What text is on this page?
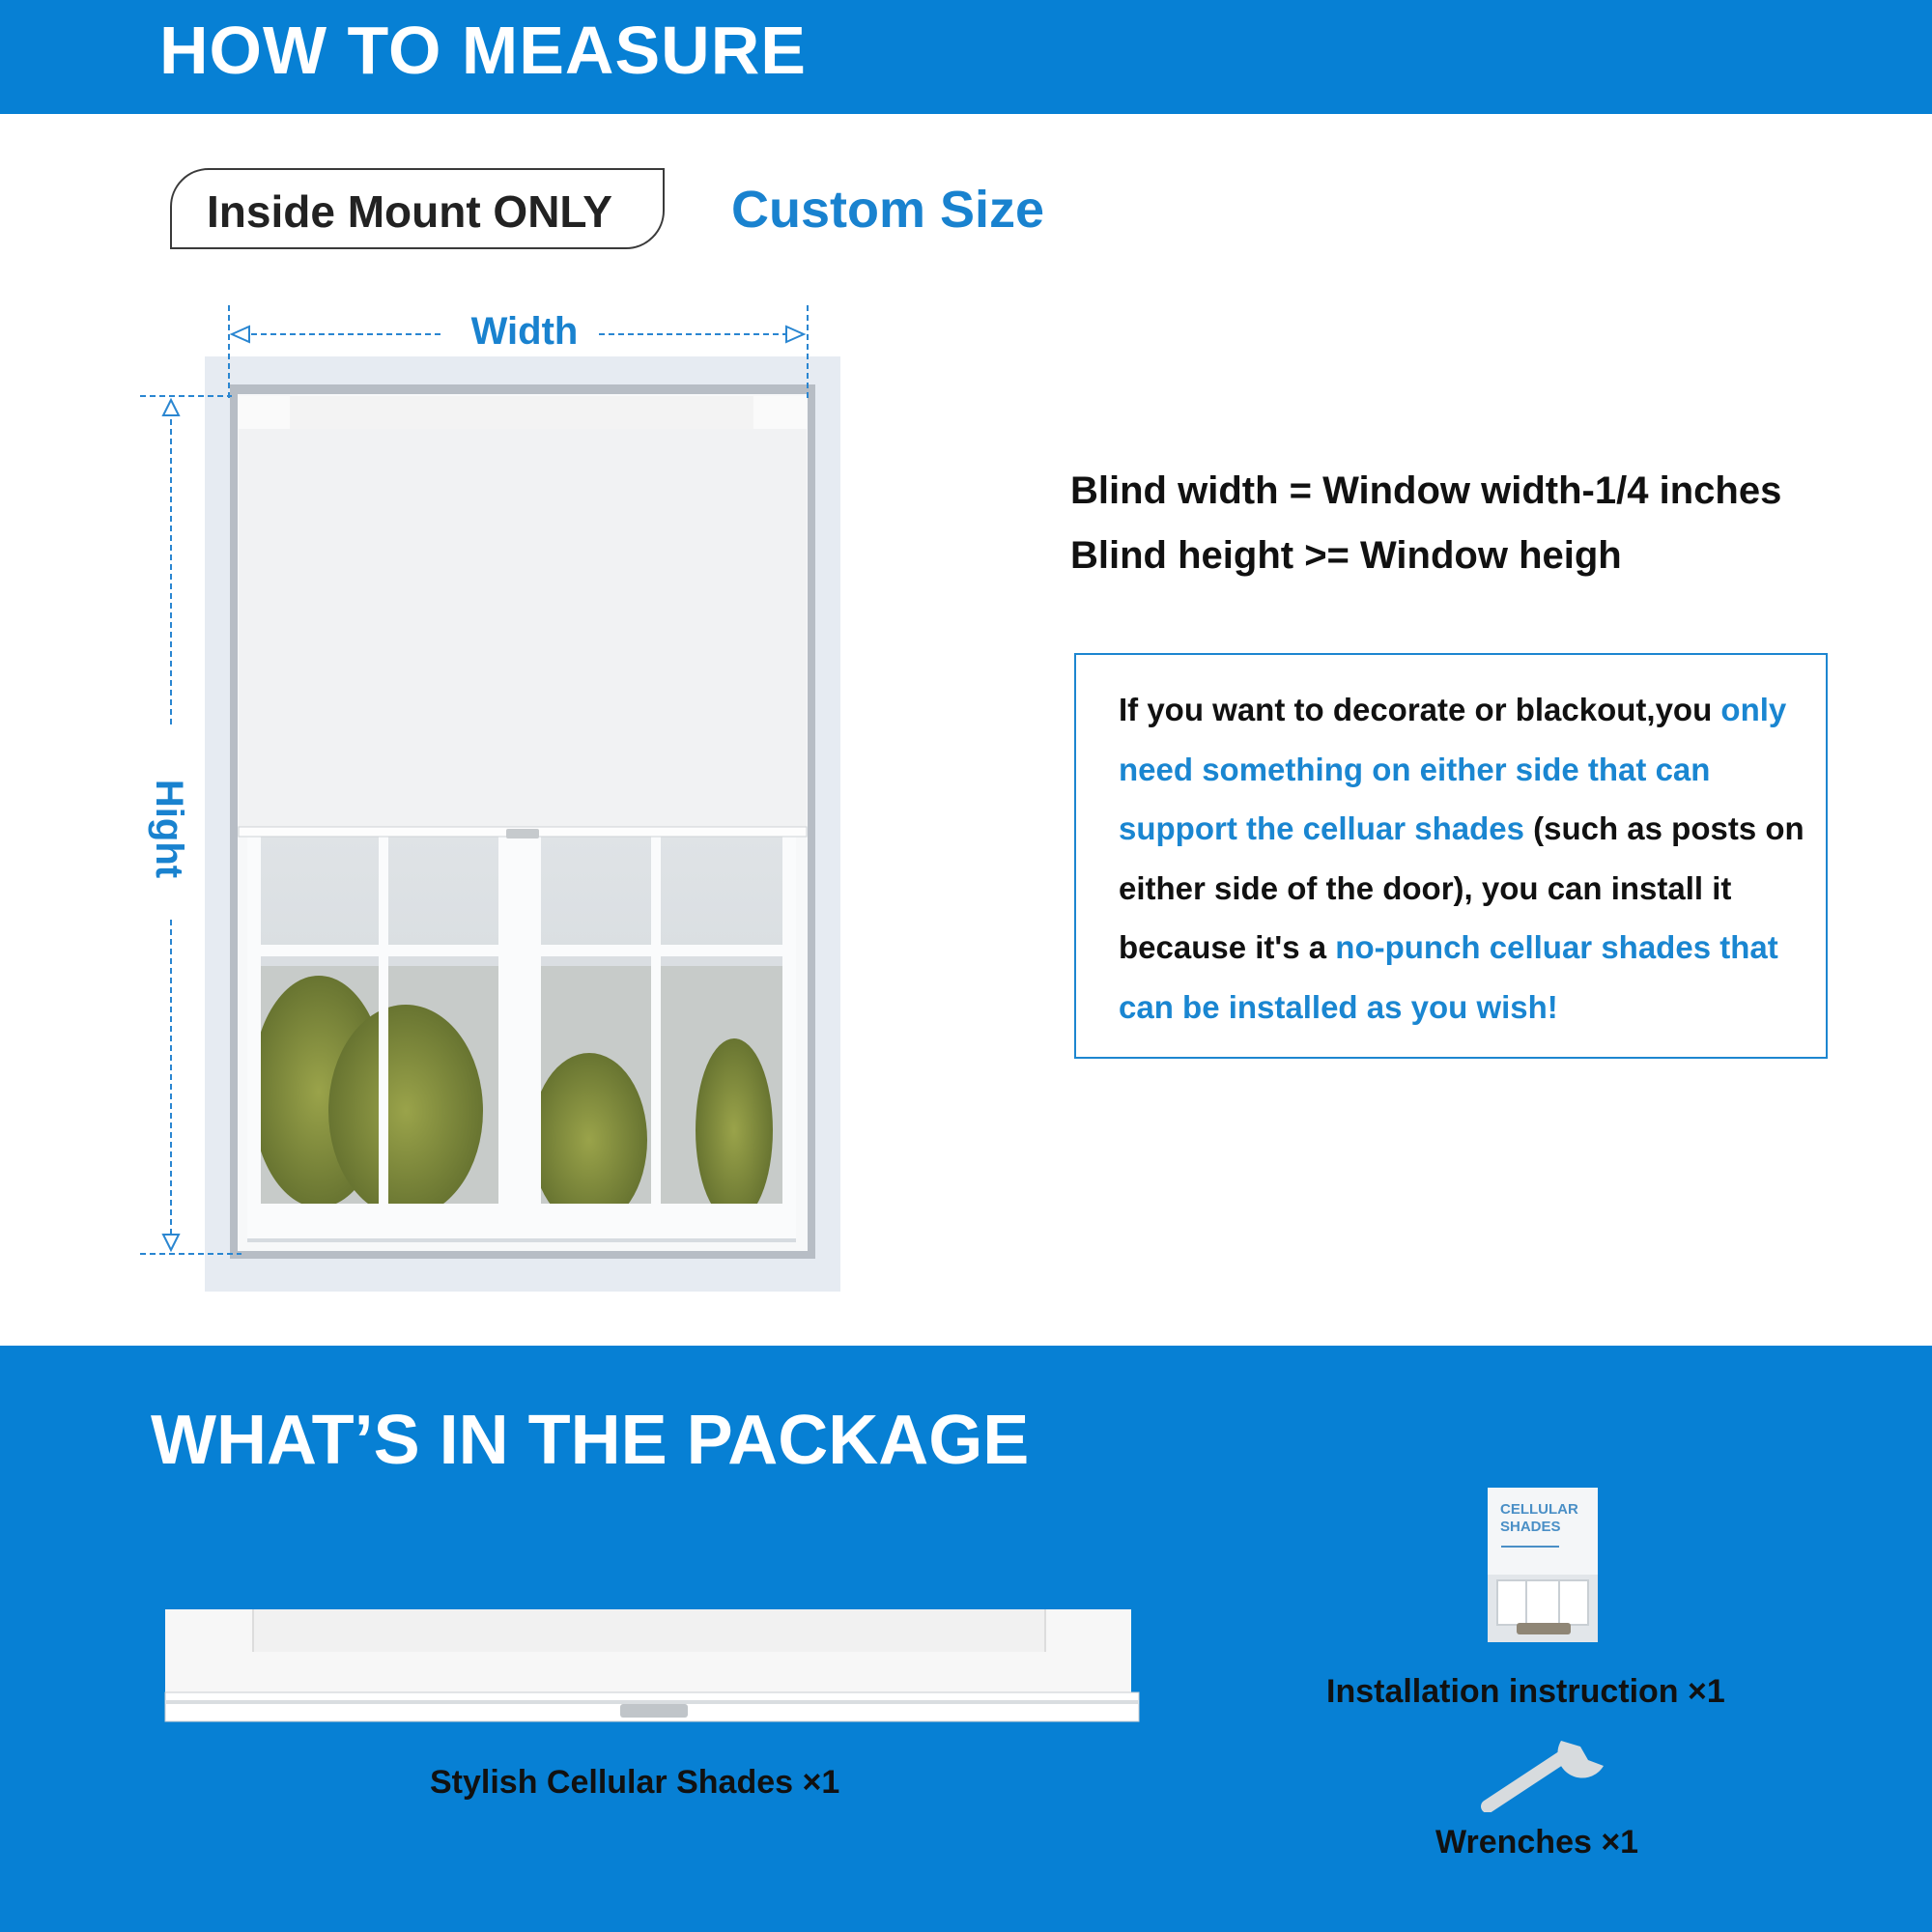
HOW TO MEASURE
Inside Mount ONLY Custom Size
Width
Hight
Blind width = Window width-1/4 inches
Blind height >= Window heigh
If you want to decorate or blackout,you only need something on either side that can support the celluar shades (such as posts on either side of the door), you can install it because it's a no-punch celluar shades that can be installed as you wish!
WHAT’S IN THE PACKAGE
Stylish Cellular Shades ×1
CELLULAR SHADES
Installation instruction ×1
Wrenches ×1
